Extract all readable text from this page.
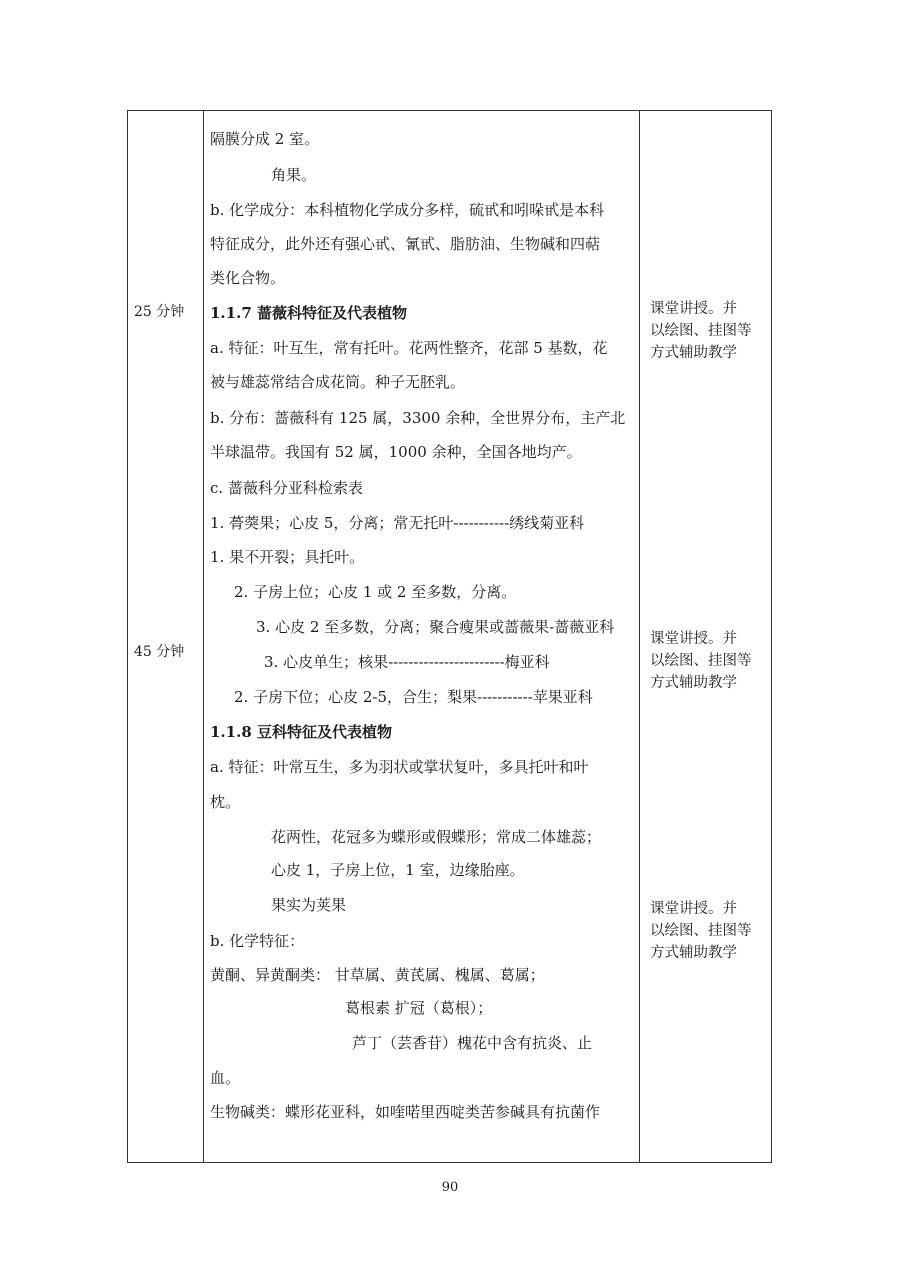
25 分钟
45 分钟
课堂讲授。并
以绘图、挂图等
方式辅助教学
课堂讲授。并
以绘图、挂图等
方式辅助教学
课堂讲授。并
以绘图、挂图等
方式辅助教学
隔膜分成 2 室。
角果。
b. 化学成分：本科植物化学成分多样，硫甙和吲哚甙是本科
特征成分，此外还有强心甙、氰甙、脂肪油、生物碱和四萜
类化合物。
1.1.7 蔷薇科特征及代表植物
a. 特征：叶互生，常有托叶。花两性整齐，花部 5 基数，花
被与雄蕊常结合成花筒。种子无胚乳。
b. 分布：蔷薇科有 125 属，3300 余种，全世界分布，主产北
半球温带。我国有 52 属，1000 余种，全国各地均产。
c. 蔷薇科分亚科检索表
1. 蓇葖果；心皮 5，分离；常无托叶-----------绣线菊亚科
1. 果不开裂；具托叶。
2. 子房上位；心皮 1 或 2 至多数，分离。
3. 心皮 2 至多数，分离；聚合瘦果或蔷薇果-蔷薇亚科
3. 心皮单生；核果-----------------------梅亚科
2. 子房下位；心皮 2-5，合生；梨果-----------苹果亚科
1.1.8 豆科特征及代表植物
a. 特征：叶常互生，多为羽状或掌状复叶，多具托叶和叶
枕。
花两性，花冠多为蝶形或假蝶形；常成二体雄蕊；
心皮 1，子房上位，1 室，边缘胎座。
果实为荚果
b. 化学特征：
黄酮、异黄酮类： 甘草属、黄芪属、槐属、葛属；
葛根素 扩冠（葛根）；
芦丁（芸香苷）槐花中含有抗炎、止
血。
生物碱类：蝶形花亚科，如喹喏里西啶类苦参碱具有抗菌作
90
